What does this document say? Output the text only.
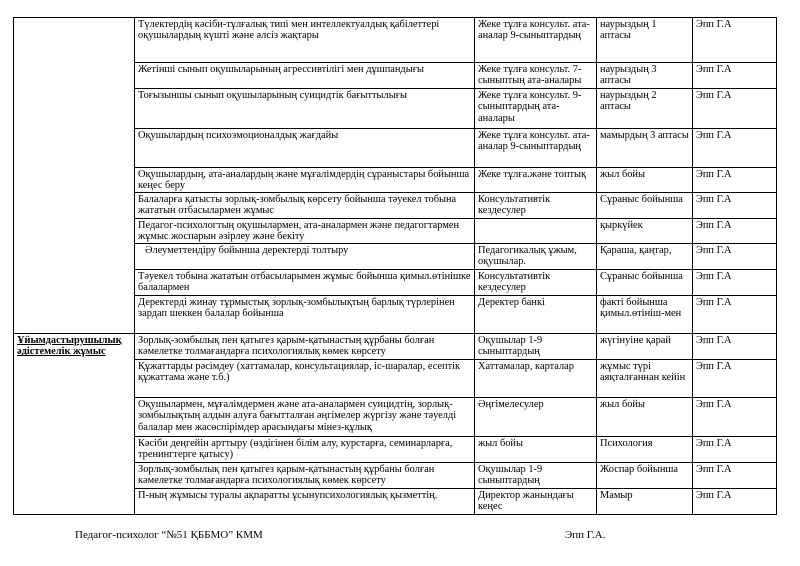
	Түлектердің кәсіби-тұлғалық типі мен интеллектуалдық қабілеттері оқушылардың күшті және әлсіз жақтары	Жеке тұлға консульт. ата-аналар 9-сыныптардың	наурыздың 1 аптасы	Эпп Г.А
	Жетінші сынып оқушыларының агрессивтілігі мен дұшпандығы	Жеке тұлға консульт. 7-сыныптың ата-аналары	наурыздың 3 аптасы	Эпп Г.А
	Тоғызыншы сынып оқушыларының суицидтік бағыттылығы	Жеке тұлға консульт. 9-сыныптардың ата-аналары	наурыздың 2 аптасы	Эпп Г.А
	Оқушылардың психоэмоционалдық жағдайы	Жеке тұлға консульт. ата-аналар 9-сыныптардың	мамырдың 3 аптасы	Эпп Г.А
	Оқушылардың, ата-аналардың және мұғалімдердің сұраныстары бойынша кеңес беру	Жеке тұлға.және топтық	жыл бойы	Эпп Г.А
	Балаларға қатысты зорлық-зомбылық көрсету бойынша тәуекел тобына жататын отбасылармен жұмыс	Консультативтік кездесулер	Сұраныс бойынша	Эпп Г.А
	Педагог-психологтың оқушылармен, ата-аналармен және педагогтармен жұмыс жоспарын әзірлеу және бекіту		қыркүйек	Эпп Г.А
	Әлеуметтендіру бойынша деректерді толтыру	Педагогикалық ұжым, оқушылар.	Қараша, қаңтар,	Эпп Г.А
	Тәуекел тобына жататын отбасыларымен жұмыс бойынша қимыл.өтінішке балалармен	Консультативтік кездесулер	Сұраныс бойынша	Эпп Г.А
	Деректерді жинау тұрмыстық зорлық-зомбылықтың барлық түрлерінен зардап шеккен балалар бойынша	Деректер банкі	факті бойынша қимыл.өтініш-мен	Эпп Г.А
Ұйымдастырушылық әдістемелік жұмыс	Зорлық-зомбылық пен қатыгез қарым-қатынастың құрбаны болған кәмелетке толмағандарға психологиялық көмек көрсету	Оқушылар 1-9 сыныптардың	жүгінуіне қарай	Эпп Г.А
	Құжаттарды рәсімдеу (хаттамалар, консультациялар, іс-шаралар, есептік құжаттама және т.б.)	Хаттамалар, карталар	жұмыс түрі аяқталғаннан кейін	Эпп Г.А
	Оқушылармен, мұғалімдермен және ата-аналармен суицидтің, зорлық-зомбылықтың алдын алуға бағытталған әңгімелер жүргізу және тәуелді балалар мен жасөспірімдер арасындағы мінез-құлық	Әңгімелесулер	жыл бойы	Эпп Г.А
	Кәсіби деңгейін арттыру (өздігінен білім алу, курстарға, семинарларға, тренингтерге қатысу)	жыл бойы	Психология	Эпп Г.А
	Зорлық-зомбылық пен қатыгез қарым-қатынастың құрбаны болған кәмелетке толмағандарға психологиялық көмек көрсету	Оқушылар 1-9 сыныптардың	Жоспар бойынша	Эпп Г.А
	П-ның жұмысы туралы ақпаратты ұсынупсихологиялық қызметтің.	Директор жанындағы кеңес	Мамыр	Эпп Г.А
Педагог-психолог “№51 ҚББМО” КММ	Эпп Г.А.
